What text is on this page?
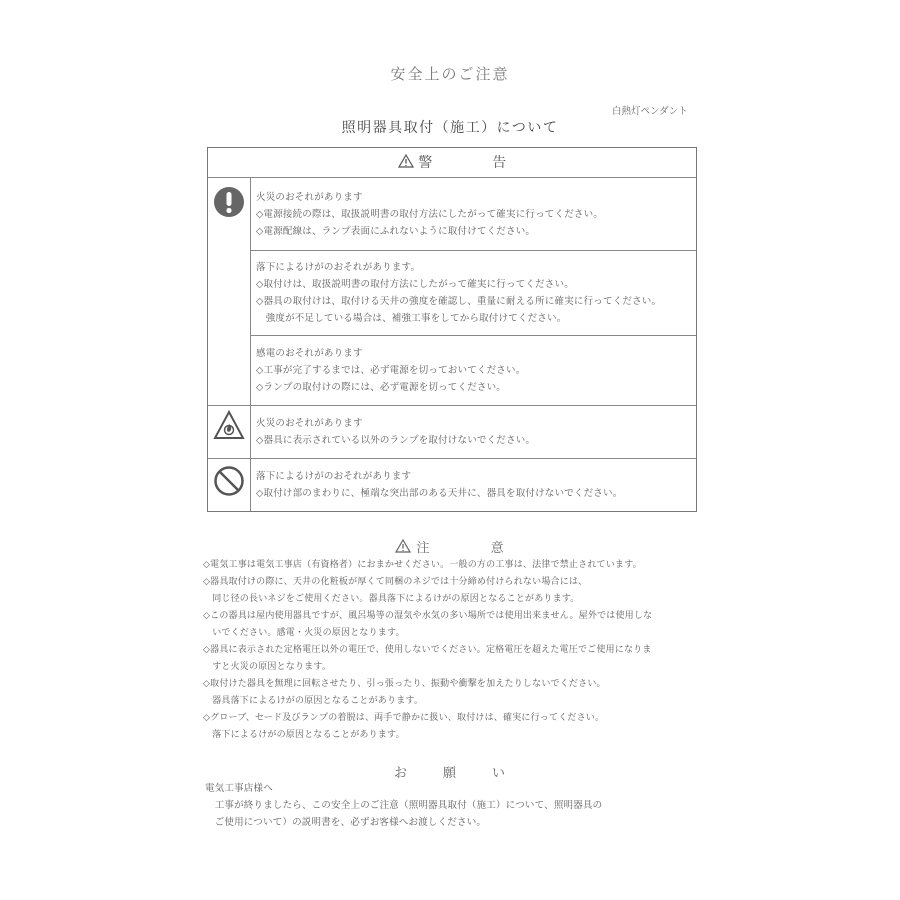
安全上のご注意
白熱灯ペンダント
照明器具取付（施工）について
警	告
火災のおそれがあります
◇電源接続の際は、取扱説明書の取付方法にしたがって確実に行ってください。
◇電源配線は、ランプ表面にふれないように取付けてください。
落下によるけがのおそれがあります。
◇取付けは、取扱説明書の取付方法にしたがって確実に行ってください。
◇器具の取付けは、取付ける天井の強度を確認し、重量に耐える所に確実に行ってください。
　強度が不足している場合は、補強工事をしてから取付けてください。
感電のおそれがあります
◇工事が完了するまでは、必ず電源を切っておいてください。
◇ランプの取付けの際には、必ず電源を切ってください。
火災のおそれがあります
◇器具に表示されている以外のランプを取付けないでください。
落下によるけがのおそれがあります
◇取付け部のまわりに、極端な突出部のある天井に、器具を取付けないでください。
注	意
◇電気工事は電気工事店（有資格者）におまかせください。一般の方の工事は、法律で禁止されています。
◇器具取付けの際に、天井の化粧板が厚くて同梱のネジでは十分締め付けられない場合には、
　同じ径の長いネジをご使用ください。器具落下によるけがの原因となることがあります。
◇この器具は屋内使用器具ですが、風呂場等の湿気や水気の多い場所では使用出来ません。屋外では使用しな
　いでください。感電・火災の原因となります。
◇器具に表示された定格電圧以外の電圧で、使用しないでください。定格電圧を超えた電圧でご使用になりま
　すと火災の原因となります。
◇取付けた器具を無理に回転させたり、引っ張ったり、振動や衝撃を加えたりしないでください。
　器具落下によるけがの原因となることがあります。
◇グローブ、セード及びランプの着脱は、両手で静かに扱い、取付けは、確実に行ってください。
　落下によるけがの原因となることがあります。
お	願	い
電気工事店様へ
　工事が終りましたら、この安全上のご注意（照明器具取付（施工）について、照明器具の
　ご使用について）の説明書を、必ずお客様へお渡しください。
